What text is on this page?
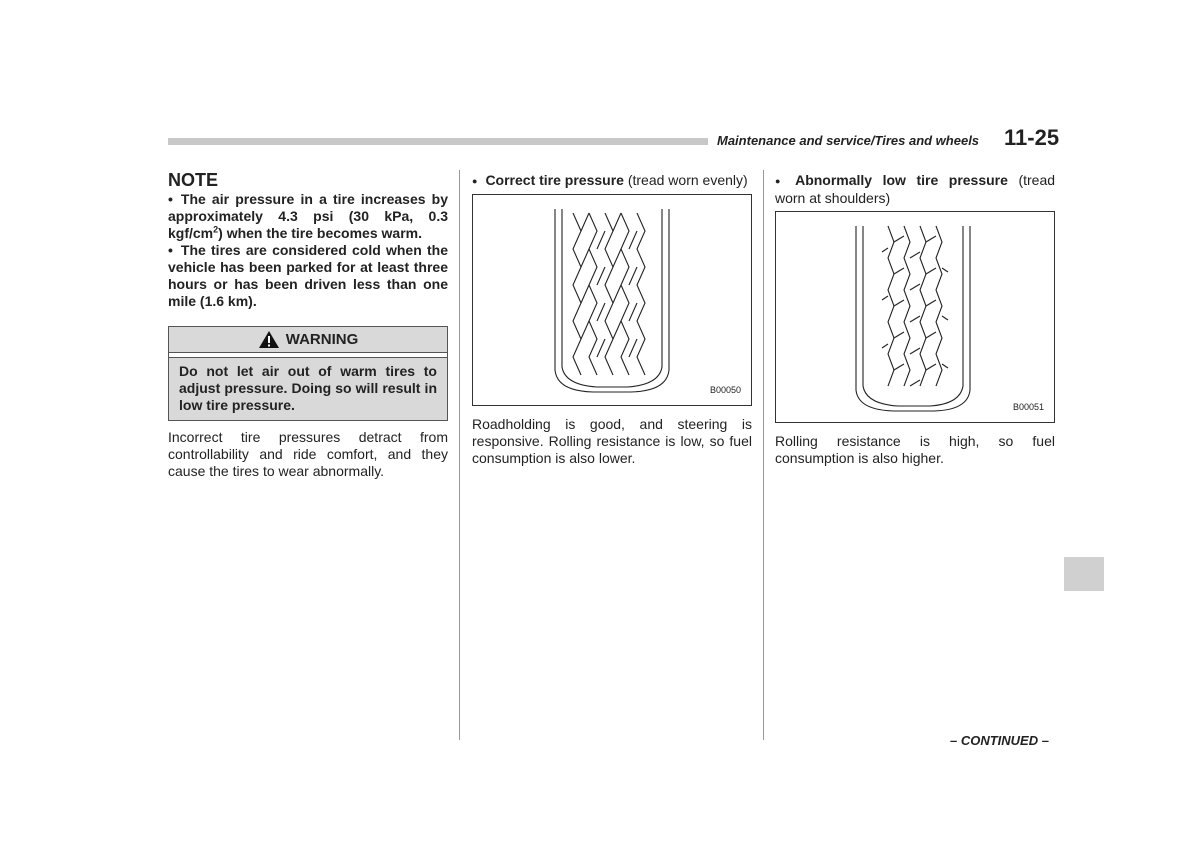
Maintenance and service/Tires and wheels 11-25
NOTE

• The air pressure in a tire increases by approximately 4.3 psi (30 kPa, 0.3 kgf/$cm^2$) when the tire becomes warm.

• The tires are considered cold when the vehicle has been parked for at least three hours or has been driven less than one mile (1.6 km).

WARNING
Do not let air out of warm tires to adjust pressure. Doing so will result in low tire pressure.
Incorrect tire pressures detract from controllability and ride comfort, and they cause the tires to wear abnormally.
● Correct tire pressure (tread worn evenly)
B00050
Roadholding is good, and steering is responsive. Rolling resistance is low, so fuel consumption is also lower.
● Abnormally low tire pressure (tread worn at shoulders)
B00051
Rolling resistance is high, so fuel consumption is also higher.
– CONTINUED –
